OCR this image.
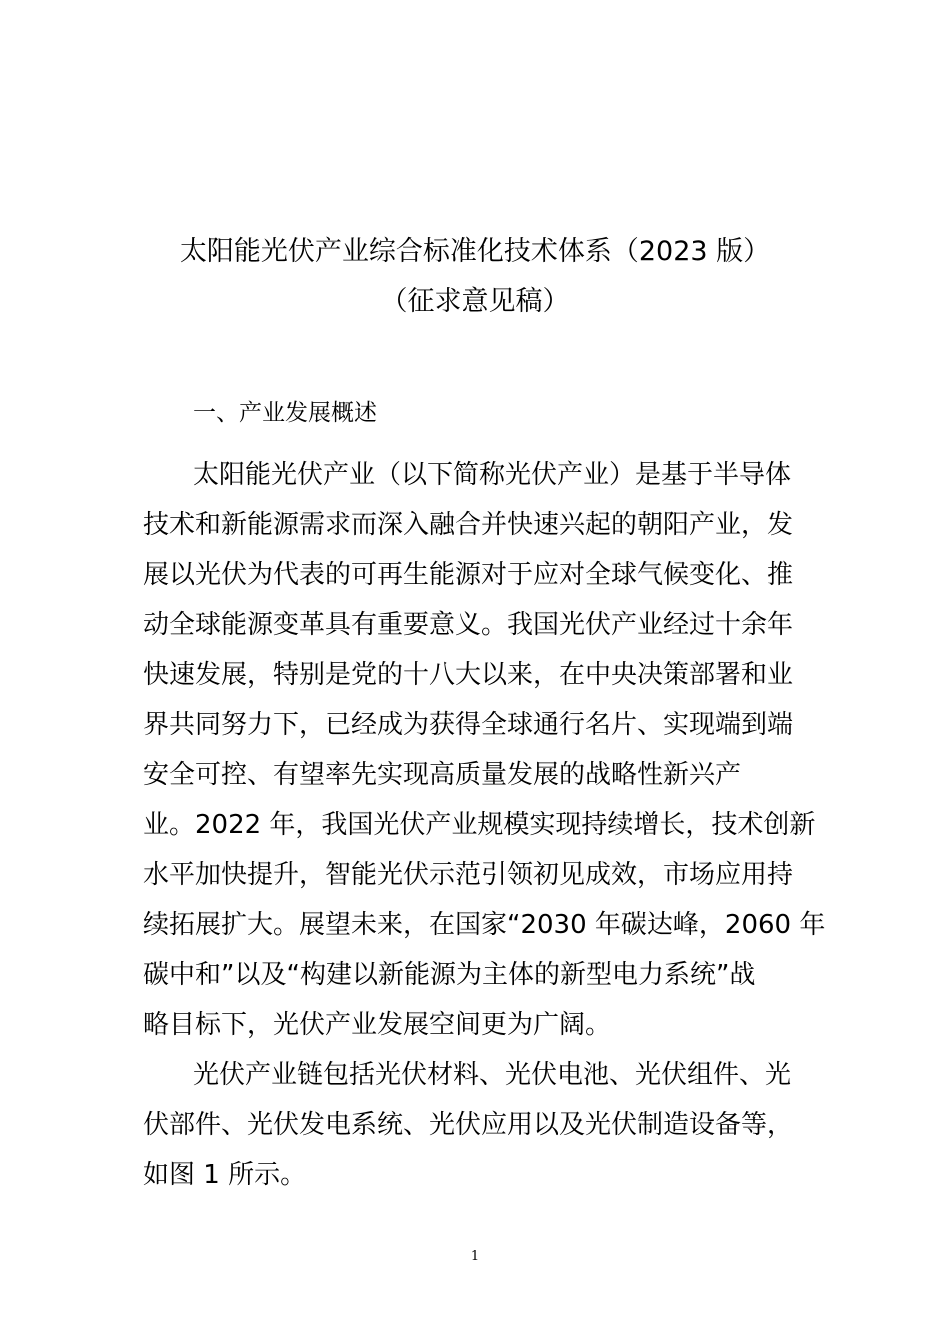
太阳能光伏产业综合标准化技术体系（2023 版）
（征求意见稿）
一、产业发展概述
太阳能光伏产业（以下简称光伏产业）是基于半导体
技术和新能源需求而深入融合并快速兴起的朝阳产业，发
展以光伏为代表的可再生能源对于应对全球气候变化、推
动全球能源变革具有重要意义。我国光伏产业经过十余年
快速发展，特别是党的十八大以来，在中央决策部署和业
界共同努力下，已经成为获得全球通行名片、实现端到端
安全可控、有望率先实现高质量发展的战略性新兴产
业。2022 年，我国光伏产业规模实现持续增长，技术创新
水平加快提升，智能光伏示范引领初见成效，市场应用持
续拓展扩大。展望未来，在国家“2030 年碳达峰，2060 年
碳中和”以及“构建以新能源为主体的新型电力系统”战
略目标下，光伏产业发展空间更为广阔。
光伏产业链包括光伏材料、光伏电池、光伏组件、光
伏部件、光伏发电系统、光伏应用以及光伏制造设备等，
如图 1 所示。
1
